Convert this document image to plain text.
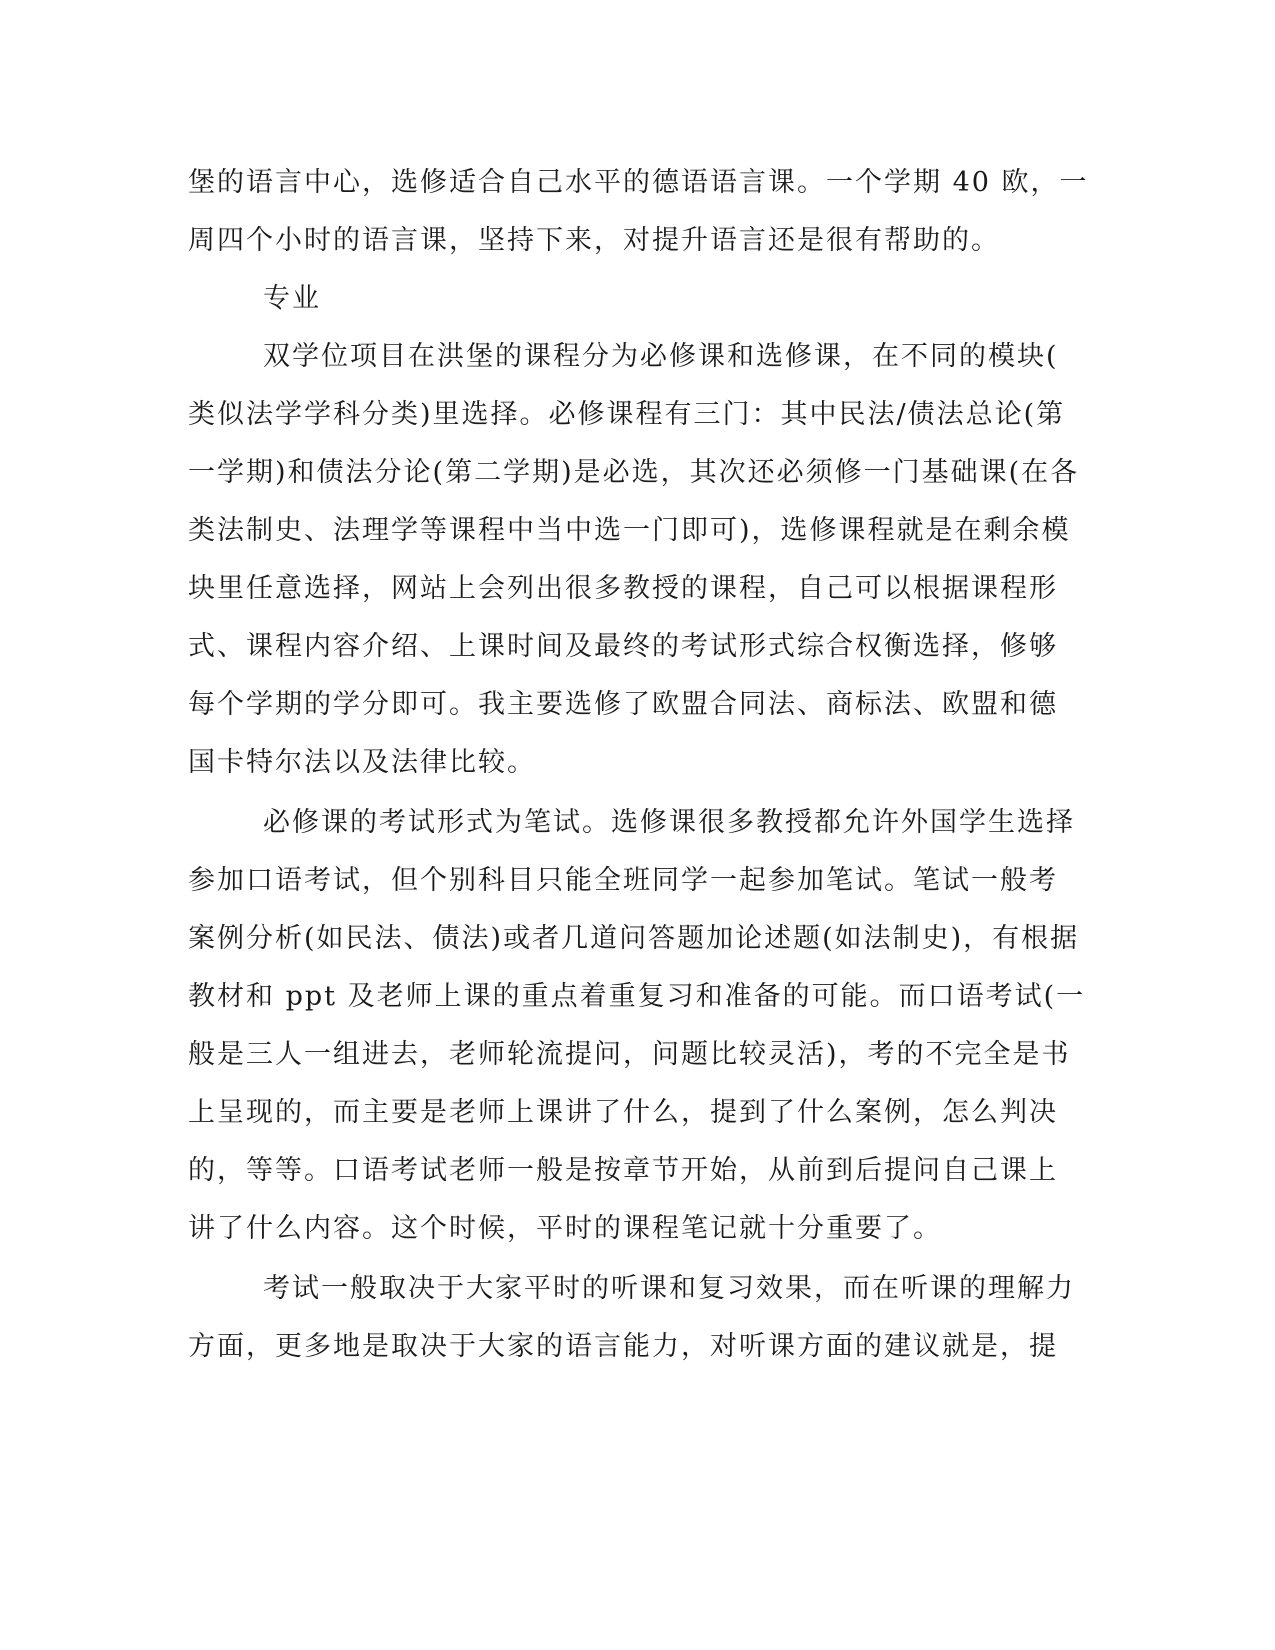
堡的语言中心，选修适合自己水平的德语语言课。一个学期 40 欧，一
周四个小时的语言课，坚持下来，对提升语言还是很有帮助的。
专业
双学位项目在洪堡的课程分为必修课和选修课，在不同的模块(
类似法学学科分类)里选择。必修课程有三门：其中民法/债法总论(第
一学期)和债法分论(第二学期)是必选，其次还必须修一门基础课(在各
类法制史、法理学等课程中当中选一门即可)，选修课程就是在剩余模
块里任意选择，网站上会列出很多教授的课程，自己可以根据课程形
式、课程内容介绍、上课时间及最终的考试形式综合权衡选择，修够
每个学期的学分即可。我主要选修了欧盟合同法、商标法、欧盟和德
国卡特尔法以及法律比较。
必修课的考试形式为笔试。选修课很多教授都允许外国学生选择
参加口语考试，但个别科目只能全班同学一起参加笔试。笔试一般考
案例分析(如民法、债法)或者几道问答题加论述题(如法制史)，有根据
教材和 ppt 及老师上课的重点着重复习和准备的可能。而口语考试(一
般是三人一组进去，老师轮流提问，问题比较灵活)，考的不完全是书
上呈现的，而主要是老师上课讲了什么，提到了什么案例，怎么判决
的，等等。口语考试老师一般是按章节开始，从前到后提问自己课上
讲了什么内容。这个时候，平时的课程笔记就十分重要了。
考试一般取决于大家平时的听课和复习效果，而在听课的理解力
方面，更多地是取决于大家的语言能力，对听课方面的建议就是，提
